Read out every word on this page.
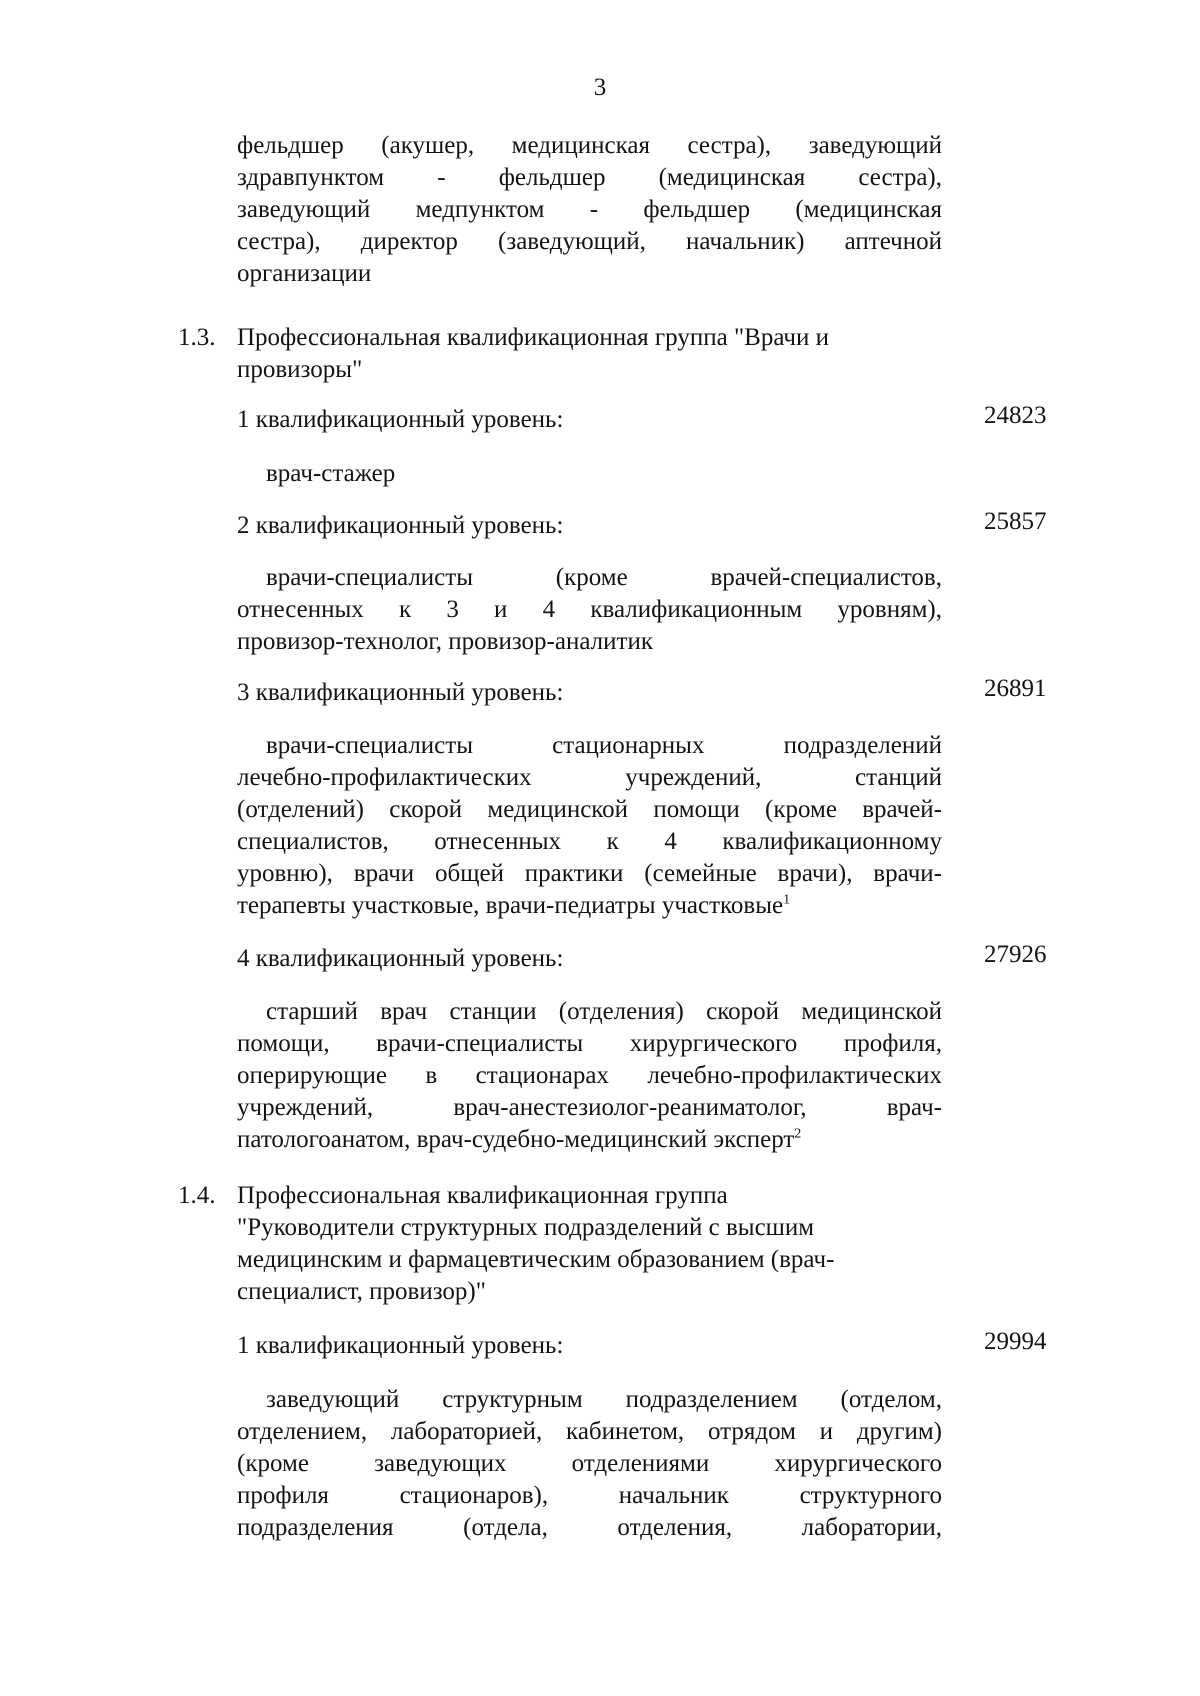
3
фельдшер (акушер, медицинская сестра), заведующий
здравпунктом - фельдшер (медицинская сестра),
заведующий медпунктом - фельдшер (медицинская
сестра), директор (заведующий, начальник) аптечной
организации
1.3. Профессиональная квалификационная группа "Врачи и
провизоры"
1 квалификационный уровень:	24823
врач-стажер
2 квалификационный уровень:	25857
врачи-специалисты (кроме врачей-специалистов,
отнесенных к 3 и 4 квалификационным уровням),
провизор-технолог, провизор-аналитик
3 квалификационный уровень:	26891
врачи-специалисты стационарных подразделений
лечебно-профилактических учреждений, станций
(отделений) скорой медицинской помощи (кроме врачей-
специалистов, отнесенных к 4 квалификационному
уровню), врачи общей практики (семейные врачи), врачи-
терапевты участковые, врачи-педиатры участковые$^1$
4 квалификационный уровень:	27926
старший врач станции (отделения) скорой медицинской
помощи, врачи-специалисты хирургического профиля,
оперирующие в стационарах лечебно-профилактических
учреждений, врач-анестезиолог-реаниматолог, врач-
патологоанатом, врач-судебно-медицинский эксперт$^2$
1.4. Профессиональная квалификационная группа
"Руководители структурных подразделений с высшим
медицинским и фармацевтическим образованием (врач-
специалист, провизор)"
1 квалификационный уровень:	29994
заведующий структурным подразделением (отделом,
отделением, лабораторией, кабинетом, отрядом и другим)
(кроме заведующих отделениями хирургического
профиля стационаров), начальник структурного
подразделения (отдела, отделения, лаборатории,
